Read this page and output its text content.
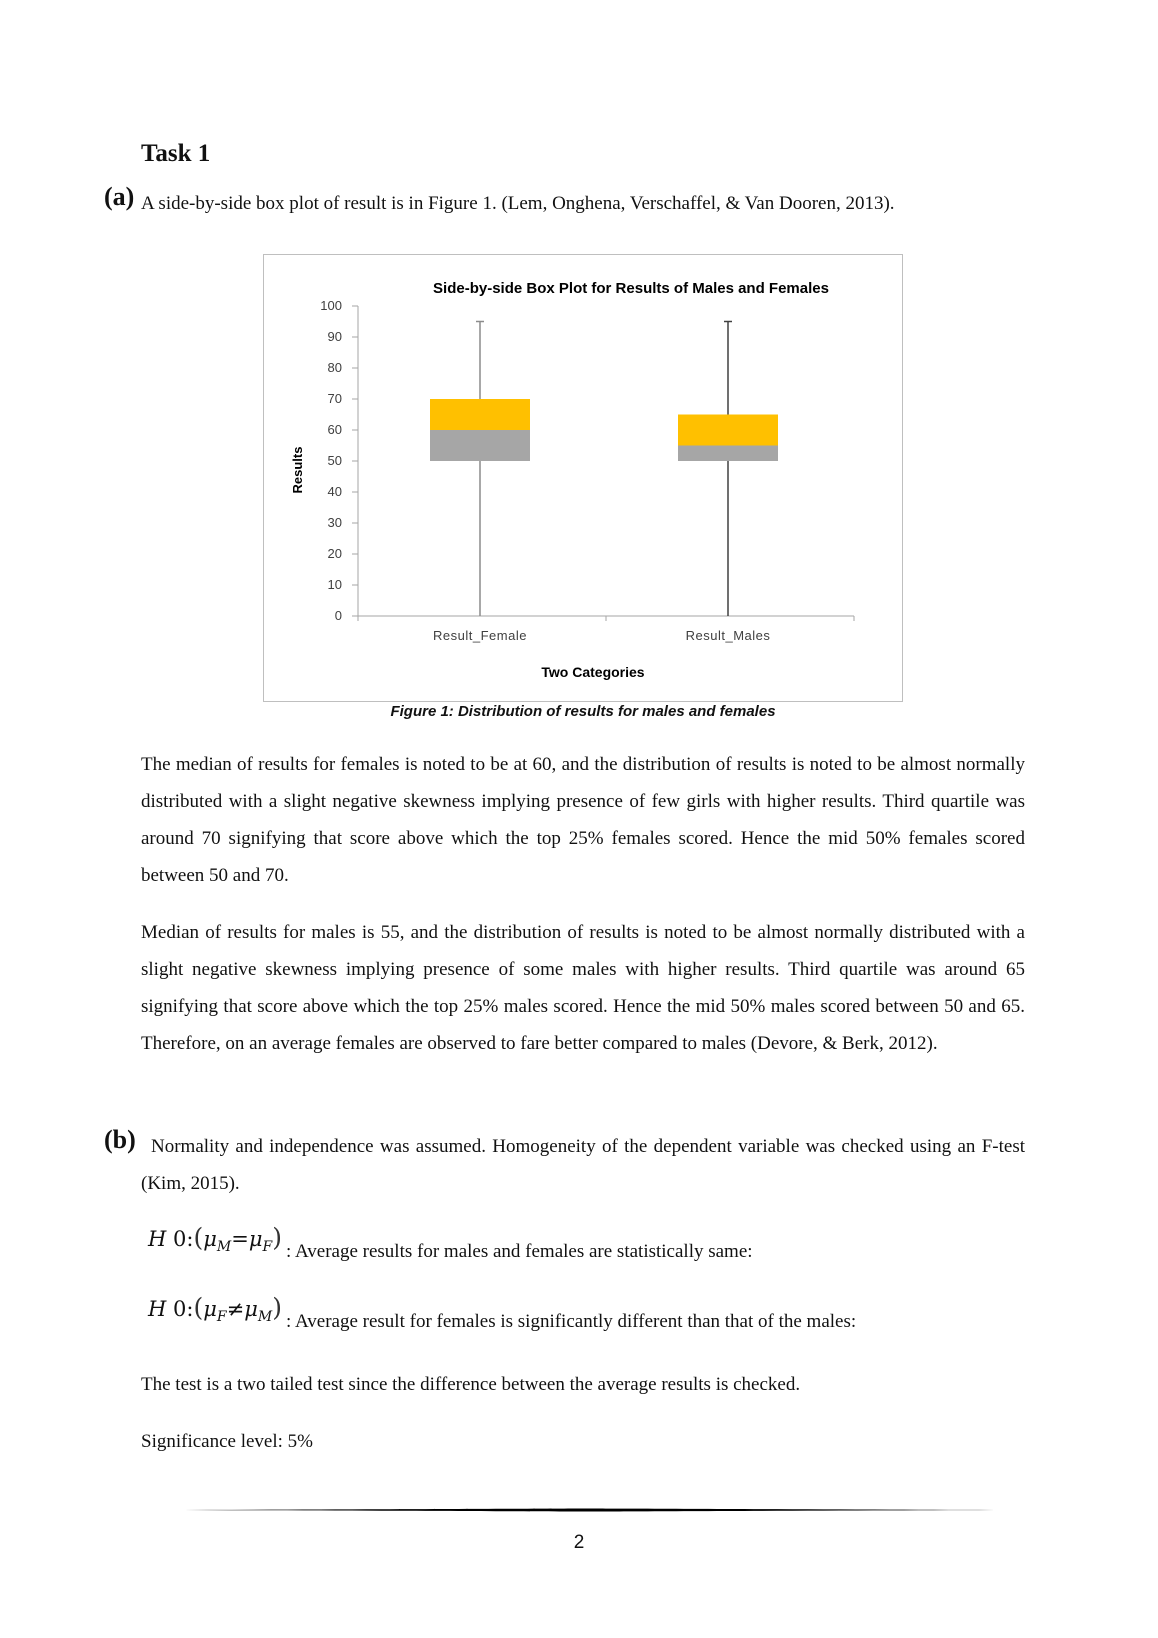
Task 1
(a) A side-by-side box plot of result is in Figure 1. (Lem, Onghena, Verschaffel, & Van Dooren, 2013).
Side-by-side Box Plot for Results of Males and Females
Results
Two Categories
0
10
20
30
40
50
60
70
80
90
100
Result_Female	Result_Males
Figure 1: Distribution of results for males and females
The median of results for females is noted to be at 60, and the distribution of results is noted to be almost normally distributed with a slight negative skewness implying presence of few girls with higher results. Third quartile was around 70 signifying that score above which the top 25% females scored. Hence the mid 50% females scored between 50 and 70.
Median of results for males is 55, and the distribution of results is noted to be almost normally distributed with a slight negative skewness implying presence of some males with higher results. Third quartile was around 65 signifying that score above which the top 25% males scored. Hence the mid 50% males scored between 50 and 65. Therefore, on an average females are observed to fare better compared to males (Devore, & Berk, 2012).
(b) Normality and independence was assumed. Homogeneity of the dependent variable was checked using an F-test (Kim, 2015).
H $0:(\mu_M=\mu_F)$ : Average results for males and females are statistically same:
H $0:(\mu_F\ne\mu_M)$ : Average result for females is significantly different than that of the males:
The test is a two tailed test since the difference between the average results is checked.
Significance level: 5%
2
